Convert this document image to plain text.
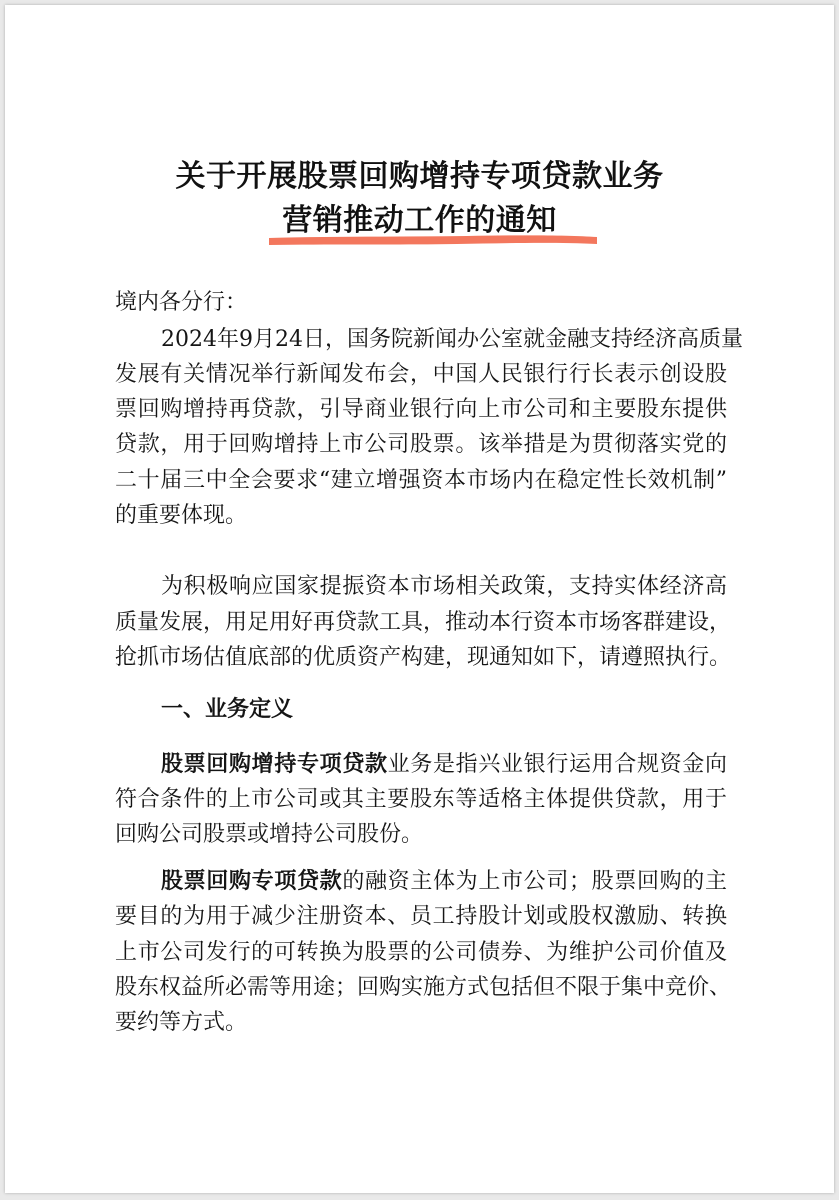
关于开展股票回购增持专项贷款业务
营销推动工作的通知
境内各分行：
2024年9月24日，国务院新闻办公室就金融支持经济高质量
发展有关情况举行新闻发布会，中国人民银行行长表示创设股
票回购增持再贷款，引导商业银行向上市公司和主要股东提供
贷款，用于回购增持上市公司股票。该举措是为贯彻落实党的
二十届三中全会要求“建立增强资本市场内在稳定性长效机制”
的重要体现。
为积极响应国家提振资本市场相关政策，支持实体经济高
质量发展，用足用好再贷款工具，推动本行资本市场客群建设，
抢抓市场估值底部的优质资产构建，现通知如下，请遵照执行。
一、业务定义
股票回购增持专项贷款业务是指兴业银行运用合规资金向
符合条件的上市公司或其主要股东等适格主体提供贷款，用于
回购公司股票或增持公司股份。
股票回购专项贷款的融资主体为上市公司；股票回购的主
要目的为用于减少注册资本、员工持股计划或股权激励、转换
上市公司发行的可转换为股票的公司债券、为维护公司价值及
股东权益所必需等用途；回购实施方式包括但不限于集中竞价、
要约等方式。
